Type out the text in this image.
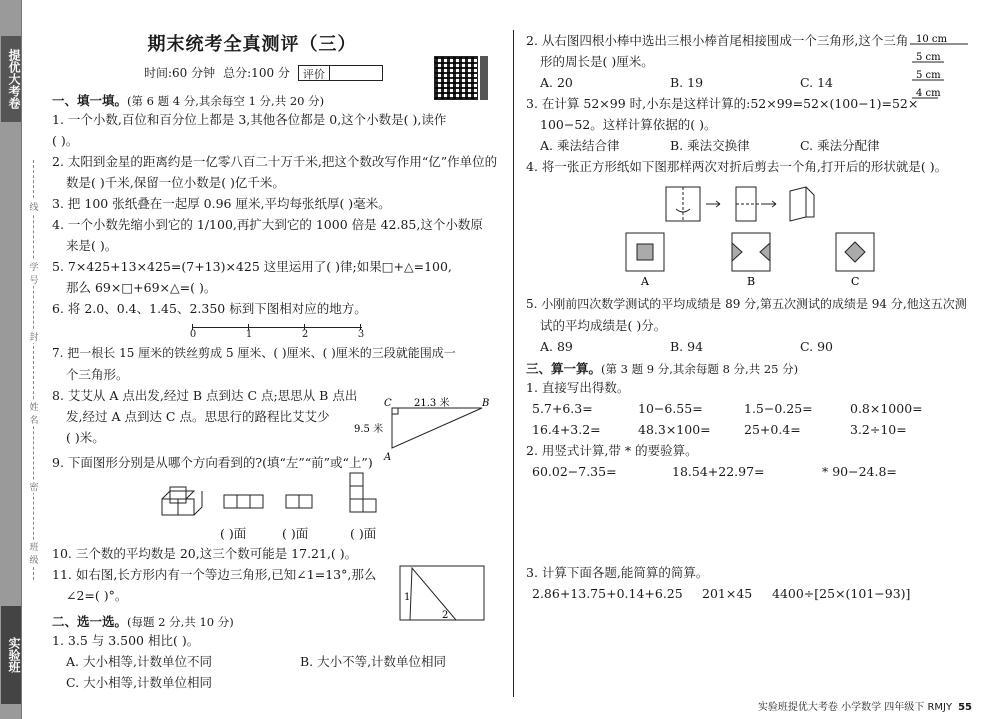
提优大考卷
实验班
线
学号
封
姓名
密
班级
期末统考全真测评（三）
时间:60 分钟 总分:100 分	评价
一、填一填。(第 6 题 4 分,其余每空 1 分,共 20 分)
1. 一个小数,百位和百分位上都是 3,其他各位都是 0,这个小数是( ),读作
( )。
2. 太阳到金星的距离约是一亿零八百二十万千米,把这个数改写作用“亿”作单位的
数是( )千米,保留一位小数是( )亿千米。
3. 把 100 张纸叠在一起厚 0.96 厘米,平均每张纸厚( )毫米。
4. 一个小数先缩小到它的 1/100,再扩大到它的 1000 倍是 42.85,这个小数原
来是( )。
5. 7×425+13×425=(7+13)×425 这里运用了( )律;如果□+△=100,
那么 69×□+69×△=( )。
6. 将 2.0、0.4、1.45、2.350 标到下图相对应的地方。
0	1	2	3
7. 把一根长 15 厘米的铁丝剪成 5 厘米、( )厘米、( )厘米的三段就能围成一
个三角形。
8. 艾艾从 A 点出发,经过 B 点到达 C 点;思思从 B 点出
发,经过 A 点到达 C 点。思思行的路程比艾艾少
( )米。
9. 下面图形分别是从哪个方向看到的?(填“左”“前”或“上”)
( )面	( )面	( )面
10. 三个数的平均数是 20,这三个数可能是 17.21,( )。
11. 如右图,长方形内有一个等边三角形,已知∠1=13°,那么
∠2=( )°。
二、选一选。(每题 2 分,共 10 分)
1. 3.5 与 3.500 相比( )。
A. 大小相等,计数单位不同	B. 大小不等,计数单位相同
C. 大小相等,计数单位相同
21.3 米
9.5 米
C	B
A
1
2
2. 从右图四根小棒中选出三根小棒首尾相接围成一个三角形,这个三角
形的周长是( )厘米。
A. 20	B. 19	C. 14
3. 在计算 52×99 时,小东是这样计算的:52×99=52×(100−1)=52×
100−52。这样计算依据的( )。
A. 乘法结合律	B. 乘法交换律	C. 乘法分配律
4. 将一张正方形纸如下图那样两次对折后剪去一个角,打开后的形状就是( )。
A	B	C
5. 小刚前四次数学测试的平均成绩是 89 分,第五次测试的成绩是 94 分,他这五次测
试的平均成绩是( )分。
A. 89	B. 94	C. 90
三、算一算。(第 3 题 9 分,其余每题 8 分,共 25 分)
1. 直接写出得数。
5.7+6.3=	10−6.55=	1.5−0.25=	0.8×1000=
16.4+3.2=	48.3×100=	25+0.4=	3.2÷10=
2. 用竖式计算,带 * 的要验算。
60.02−7.35=	18.54+22.97=	* 90−24.8=
3. 计算下面各题,能简算的简算。
2.86+13.75+0.14+6.25	201×45	4400÷[25×(101−93)]
10 cm
5 cm
5 cm
4 cm
实验班提优大考卷 小学数学 四年级下 RMJY 55
